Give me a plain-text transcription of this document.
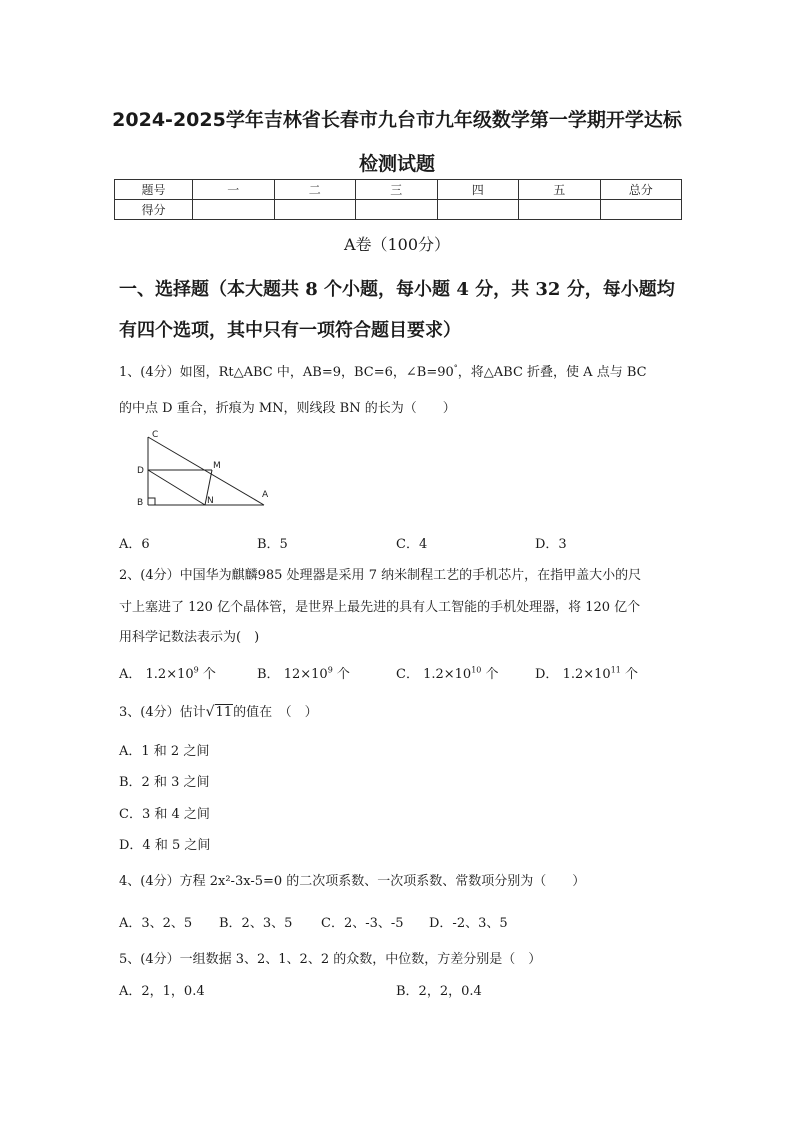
2024-2025学年吉林省长春市九台市九年级数学第一学期开学达标
检测试题
题号	一	二	三	四	五	总分
得分						
A卷（100分）
一、选择题（本大题共 8 个小题，每小题 4 分，共 32 分，每小题均
有四个选项，其中只有一项符合题目要求）
1、(4分）如图，Rt△ABC 中，AB=9，BC=6，∠B=90°，将△ABC 折叠，使 A 点与 BC
的中点 D 重合，折痕为 MN，则线段 BN 的长为（　　）
C
D	M
B	N
A
A．6	B．5	C．4	D．3
2、(4分）中国华为麒麟985 处理器是采用 7 纳米制程工艺的手机芯片，在指甲盖大小的尺
寸上塞进了 120 亿个晶体管，是世界上最先进的具有人工智能的手机处理器，将 120 亿个
用科学记数法表示为(　)
A． $1.2\times 10^9$ 个	B． $12\times 10^9$ 个	C． $1.2\times 10^{10}$ 个	D． $1.2\times 10^{11}$ 个
3、(4分）估计√11的值在　（　）
A．1 和 2 之间
B．2 和 3 之间
C．3 和 4 之间
D．4 和 5 之间
4、(4分）方程 2x²-3x-5=0 的二次项系数、一次项系数、常数项分别为（　　）
A．3、2、5 B．2、3、5 C．2、-3、-5 D．-2、3、5
5、(4分）一组数据 3、2、1、2、2 的众数，中位数，方差分别是（　）
A．2，1，0.4	B．2，2，0.4
